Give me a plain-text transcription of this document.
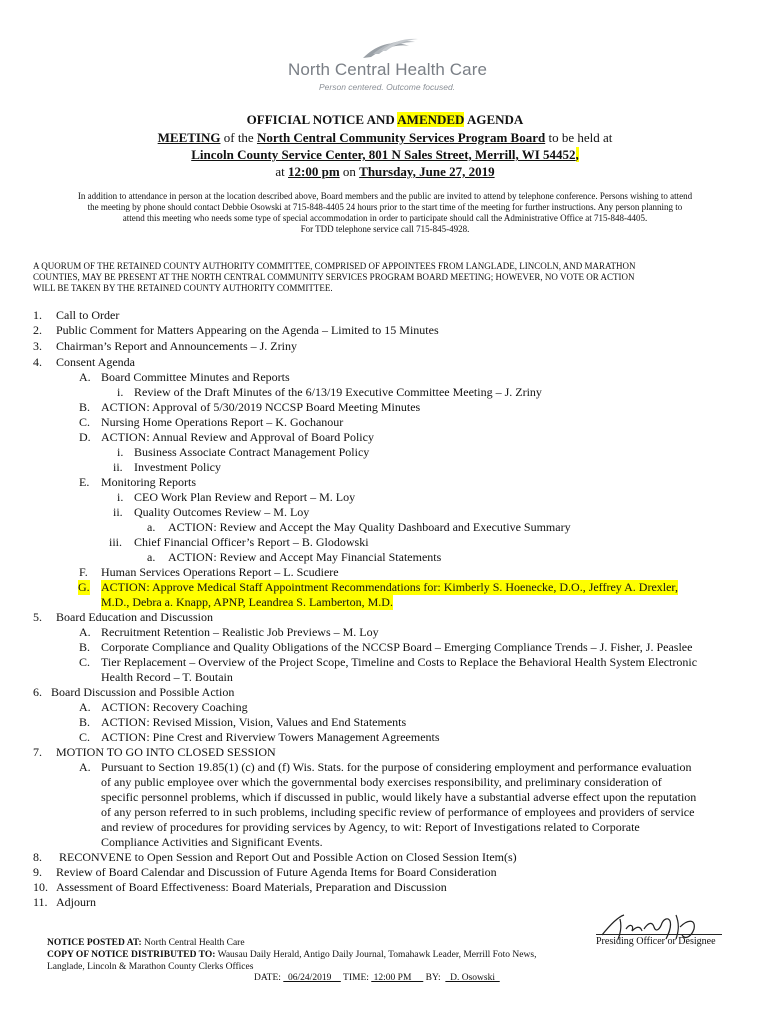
North Central Health Care
Person centered. Outcome focused.
OFFICIAL NOTICE AND AMENDED AGENDA
MEETING of the North Central Community Services Program Board to be held at
Lincoln County Service Center, 801 N Sales Street, Merrill, WI 54452,
at 12:00 pm on Thursday, June 27, 2019
In addition to attendance in person at the location described above, Board members and the public are invited to attend by telephone conference. Persons wishing to attend
the meeting by phone should contact Debbie Osowski at 715-848-4405 24 hours prior to the start time of the meeting for further instructions. Any person planning to
attend this meeting who needs some type of special accommodation in order to participate should call the Administrative Office at 715-848-4405.
For TDD telephone service call 715-845-4928.
A QUORUM OF THE RETAINED COUNTY AUTHORITY COMMITTEE, COMPRISED OF APPOINTEES FROM LANGLADE, LINCOLN, AND MARATHON
COUNTIES, MAY BE PRESENT AT THE NORTH CENTRAL COMMUNITY SERVICES PROGRAM BOARD MEETING; HOWEVER, NO VOTE OR ACTION
WILL BE TAKEN BY THE RETAINED COUNTY AUTHORITY COMMITTEE.
1. Call to Order
2. Public Comment for Matters Appearing on the Agenda – Limited to 15 Minutes
3. Chairman’s Report and Announcements – J. Zriny
4. Consent Agenda
A. Board Committee Minutes and Reports
i. Review of the Draft Minutes of the 6/13/19 Executive Committee Meeting – J. Zriny
B. ACTION: Approval of 5/30/2019 NCCSP Board Meeting Minutes
C. Nursing Home Operations Report – K. Gochanour
D. ACTION: Annual Review and Approval of Board Policy
i. Business Associate Contract Management Policy
ii. Investment Policy
E. Monitoring Reports
i. CEO Work Plan Review and Report – M. Loy
ii. Quality Outcomes Review – M. Loy
a. ACTION: Review and Accept the May Quality Dashboard and Executive Summary
iii. Chief Financial Officer’s Report – B. Glodowski
a. ACTION: Review and Accept May Financial Statements
F. Human Services Operations Report – L. Scudiere
G. ACTION: Approve Medical Staff Appointment Recommendations for: Kimberly S. Hoenecke, D.O., Jeffrey A. Drexler,
M.D., Debra a. Knapp, APNP, Leandrea S. Lamberton, M.D.
5. Board Education and Discussion
A. Recruitment Retention – Realistic Job Previews – M. Loy
B. Corporate Compliance and Quality Obligations of the NCCSP Board – Emerging Compliance Trends – J. Fisher, J. Peaslee
C. Tier Replacement – Overview of the Project Scope, Timeline and Costs to Replace the Behavioral Health System Electronic
Health Record – T. Boutain
6. Board Discussion and Possible Action
A. ACTION: Recovery Coaching
B. ACTION: Revised Mission, Vision, Values and End Statements
C. ACTION: Pine Crest and Riverview Towers Management Agreements
7. MOTION TO GO INTO CLOSED SESSION
A. Pursuant to Section 19.85(1) (c) and (f) Wis. Stats. for the purpose of considering employment and performance evaluation
of any public employee over which the governmental body exercises responsibility, and preliminary consideration of
specific personnel problems, which if discussed in public, would likely have a substantial adverse effect upon the reputation
of any person referred to in such problems, including specific review of performance of employees and providers of service
and review of procedures for providing services by Agency, to wit: Report of Investigations related to Corporate
Compliance Activities and Significant Events.
8. RECONVENE to Open Session and Report Out and Possible Action on Closed Session Item(s)
9. Review of Board Calendar and Discussion of Future Agenda Items for Board Consideration
10. Assessment of Board Effectiveness: Board Materials, Preparation and Discussion
11. Adjourn
Presiding Officer or Designee
NOTICE POSTED AT: North Central Health Care
COPY OF NOTICE DISTRIBUTED TO: Wausau Daily Herald, Antigo Daily Journal, Tomahawk Leader, Merrill Foto News,
Langlade, Lincoln & Marathon County Clerks Offices
DATE:   06/24/2019     TIME:  12:00 PM      BY:    D. Osowski
